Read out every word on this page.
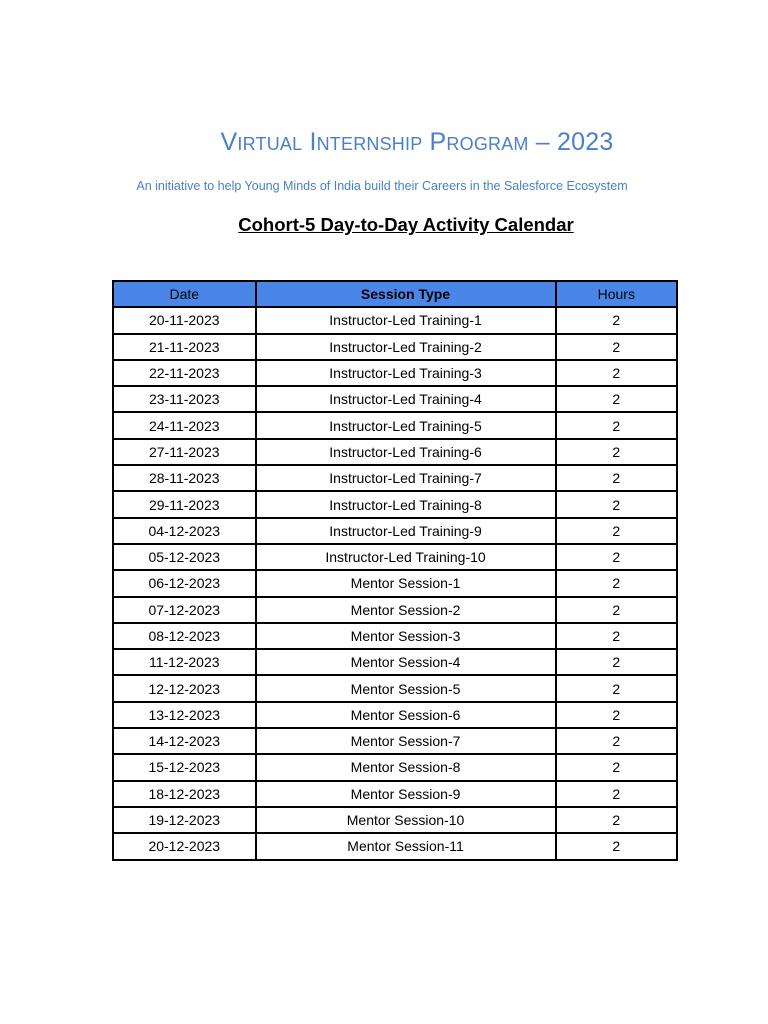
Virtual Internship Program – 2023
An initiative to help Young Minds of India build their Careers in the Salesforce Ecosystem
Cohort-5 Day-to-Day Activity Calendar
Date	Session Type	Hours
20-11-2023	Instructor-Led Training-1	2
21-11-2023	Instructor-Led Training-2	2
22-11-2023	Instructor-Led Training-3	2
23-11-2023	Instructor-Led Training-4	2
24-11-2023	Instructor-Led Training-5	2
27-11-2023	Instructor-Led Training-6	2
28-11-2023	Instructor-Led Training-7	2
29-11-2023	Instructor-Led Training-8	2
04-12-2023	Instructor-Led Training-9	2
05-12-2023	Instructor-Led Training-10	2
06-12-2023	Mentor Session-1	2
07-12-2023	Mentor Session-2	2
08-12-2023	Mentor Session-3	2
11-12-2023	Mentor Session-4	2
12-12-2023	Mentor Session-5	2
13-12-2023	Mentor Session-6	2
14-12-2023	Mentor Session-7	2
15-12-2023	Mentor Session-8	2
18-12-2023	Mentor Session-9	2
19-12-2023	Mentor Session-10	2
20-12-2023	Mentor Session-11	2
